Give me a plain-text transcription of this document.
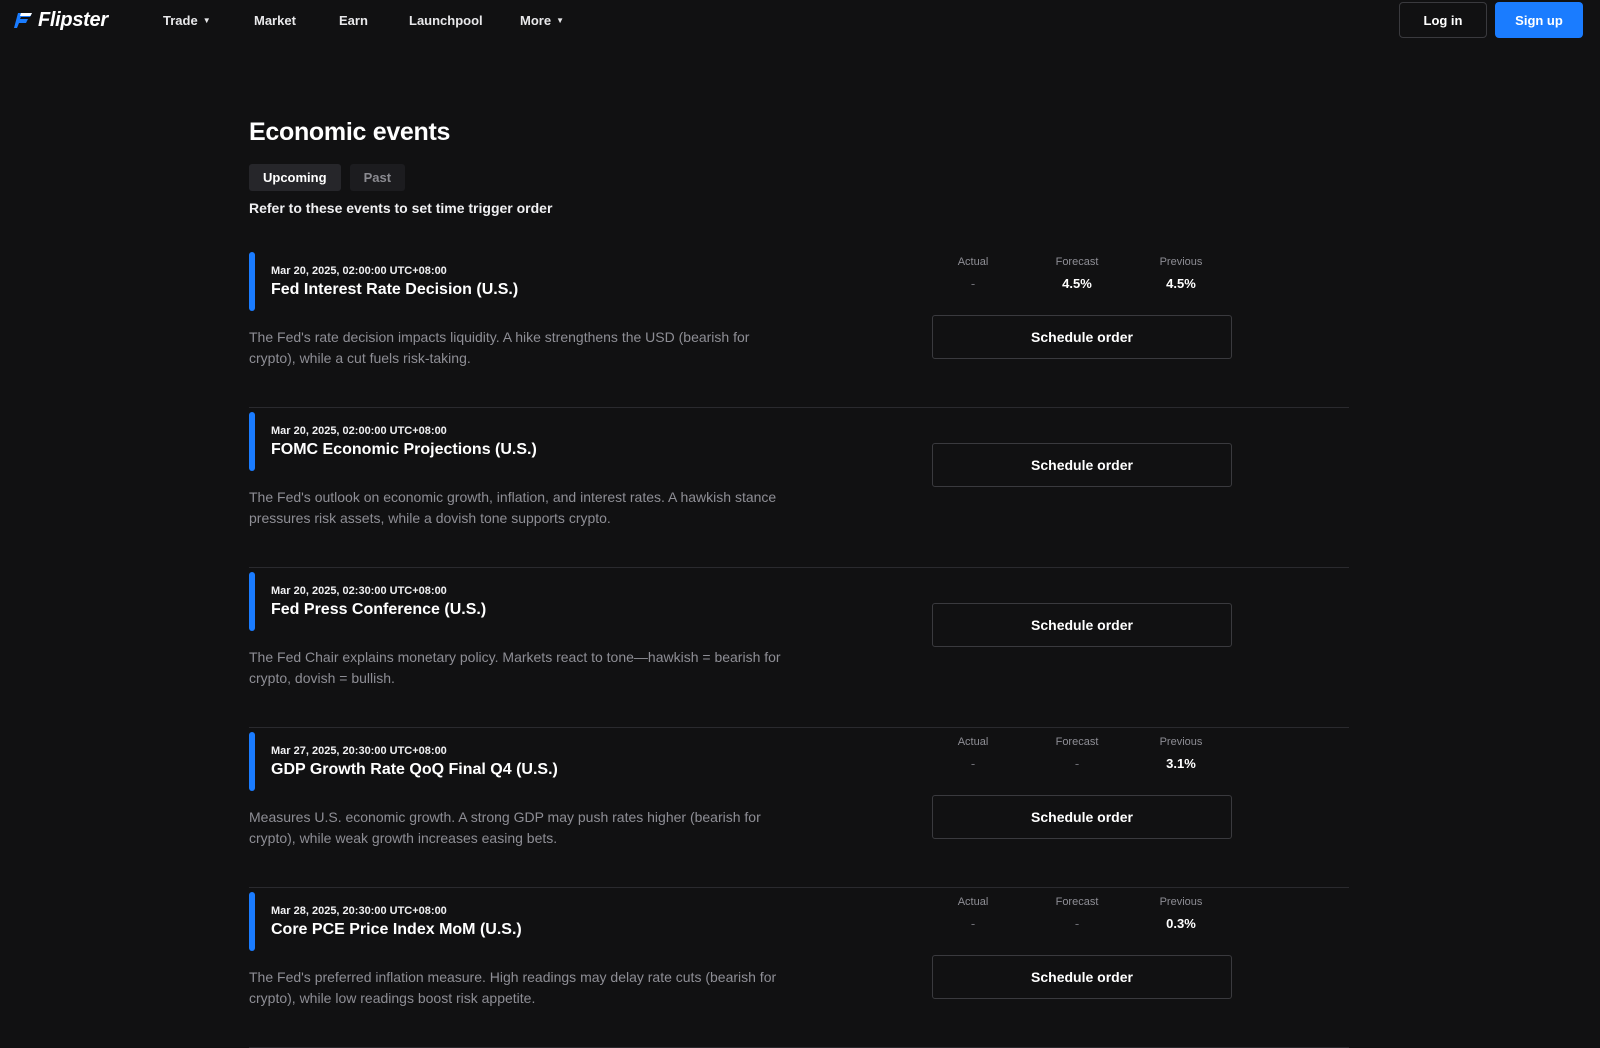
Flipster	Trade ▼	Market	Earn	Launchpool	More ▼	Log in	Sign up
Economic events
Upcoming	Past

Refer to these events to set time trigger order

Mar 20, 2025, 02:00:00 UTC+08:00
Fed Interest Rate Decision (U.S.)

The Fed's rate decision impacts liquidity. A hike strengthens the USD (bearish for crypto), while a cut fuels risk-taking.

Actual
-
Forecast
4.5%
Previous
4.5%
Schedule order
Mar 20, 2025, 02:00:00 UTC+08:00
FOMC Economic Projections (U.S.)

The Fed's outlook on economic growth, inflation, and interest rates. A hawkish stance pressures risk assets, while a dovish tone supports crypto.

Schedule order
Mar 20, 2025, 02:30:00 UTC+08:00
Fed Press Conference (U.S.)

The Fed Chair explains monetary policy. Markets react to tone—hawkish = bearish for crypto, dovish = bullish.

Schedule order
Mar 27, 2025, 20:30:00 UTC+08:00
GDP Growth Rate QoQ Final Q4 (U.S.)

Measures U.S. economic growth. A strong GDP may push rates higher (bearish for crypto), while weak growth increases easing bets.

Actual
-
Forecast
-
Previous
3.1%
Schedule order
Mar 28, 2025, 20:30:00 UTC+08:00
Core PCE Price Index MoM (U.S.)

The Fed's preferred inflation measure. High readings may delay rate cuts (bearish for crypto), while low readings boost risk appetite.

Actual
-
Forecast
-
Previous
0.3%
Schedule order
